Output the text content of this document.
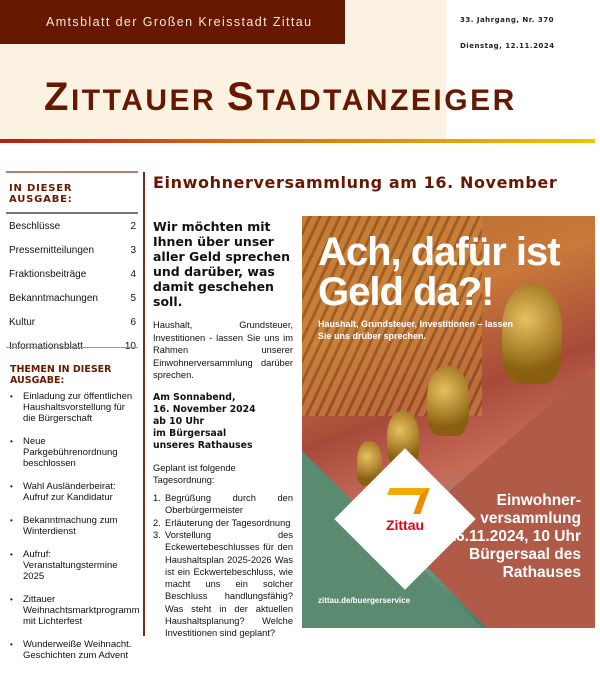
Amtsblatt der Großen Kreisstadt Zittau	33. Jahrgang, Nr. 370
Dienstag, 12.11.2024
ZITTAUER STADTANZEIGER
IN DIESER AUSGABE:
Beschlüsse	2
Pressemitteilungen	3
Fraktionsbeiträge	4
Bekanntmachungen	5
Kultur	6
Informationsblatt	10
THEMEN IN DIESER AUSGABE:
• Einladung zur öffentlichen Haushaltsvorstellung für die Bürgerschaft
• Neue Parkgebührenordnung beschlossen
• Wahl Ausländerbeirat: Aufruf zur Kandidatur
• Bekanntmachung zum Winterdienst
• Aufruf: Veranstaltungstermine 2025
• Zittauer Weihnachtsmarktprogramm mit Lichterfest
• Wunderweiße Weihnacht. Geschichten zum Advent
Einwohnerversammlung am 16. November
Wir möchten mit Ihnen über unser aller Geld sprechen und darüber, was damit geschehen soll.
Haushalt, Grundsteuer, Investitionen - lassen Sie uns im Rahmen unserer Einwohnerversammlung darüber sprechen.
Am Sonnabend,
16. November 2024
ab 10 Uhr
im Bürgersaal
unseres Rathauses
Geplant ist folgende Tagesordnung:
1. Begrüßung durch den Oberbürgermeister
2. Erläuterung der Tagesordnung
3. Vorstellung des Eckewertebeschlusses für den Haushaltsplan 2025-2026 Was ist ein Eckwertebeschluss, wie macht uns ein solcher Beschluss handlungsfähig? Was steht in der aktuellen Haushaltsplanung? Welche Investitionen sind geplant?
Zittau
Ach, dafür ist Geld da?!
Haushalt, Grundsteuer, Investitionen – lassen Sie uns drüber sprechen.
Einwohner-
versammlung
16.11.2024, 10 Uhr
Bürgersaal des
Rathauses
zittau.de/buergerservice
